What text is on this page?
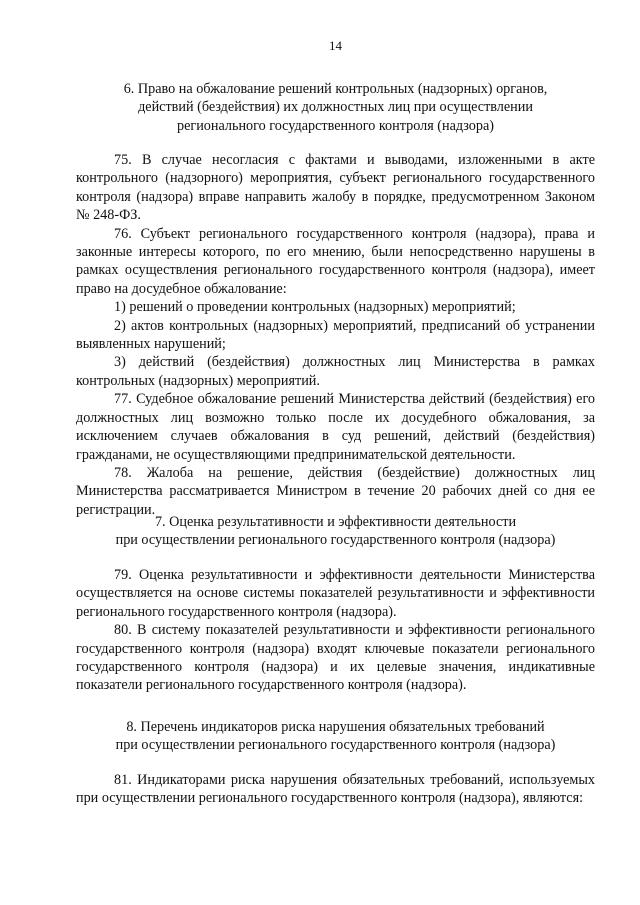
14
6. Право на обжалование решений контрольных (надзорных) органов,
действий (бездействия) их должностных лиц при осуществлении
регионального государственного контроля (надзора)

75. В случае несогласия с фактами и выводами, изложенными в акте контрольного (надзорного) мероприятия, субъект регионального государственного контроля (надзора) вправе направить жалобу в порядке, предусмотренном Законом № 248-ФЗ.

76. Субъект регионального государственного контроля (надзора), права и законные интересы которого, по его мнению, были непосредственно нарушены в рамках осуществления регионального государственного контроля (надзора), имеет право на досудебное обжалование:

1) решений о проведении контрольных (надзорных) мероприятий;

2) актов контрольных (надзорных) мероприятий, предписаний об устранении выявленных нарушений;

3) действий (бездействия) должностных лиц Министерства в рамках контрольных (надзорных) мероприятий.

77. Судебное обжалование решений Министерства действий (бездействия) его должностных лиц возможно только после их досудебного обжалования, за исключением случаев обжалования в суд решений, действий (бездействия) гражданами, не осуществляющими предпринимательской деятельности.

78. Жалоба на решение, действия (бездействие) должностных лиц Министерства рассматривается Министром в течение 20 рабочих дней со дня ее регистрации.

7. Оценка результативности и эффективности деятельности
при осуществлении регионального государственного контроля (надзора)

79. Оценка результативности и эффективности деятельности Министерства осуществляется на основе системы показателей результативности и эффективности регионального государственного контроля (надзора).

80. В систему показателей результативности и эффективности регионального государственного контроля (надзора) входят ключевые показатели регионального государственного контроля (надзора) и их целевые значения, индикативные показатели регионального государственного контроля (надзора).

8. Перечень индикаторов риска нарушения обязательных требований
при осуществлении регионального государственного контроля (надзора)

81. Индикаторами риска нарушения обязательных требований, используемых при осуществлении регионального государственного контроля (надзора), являются:
